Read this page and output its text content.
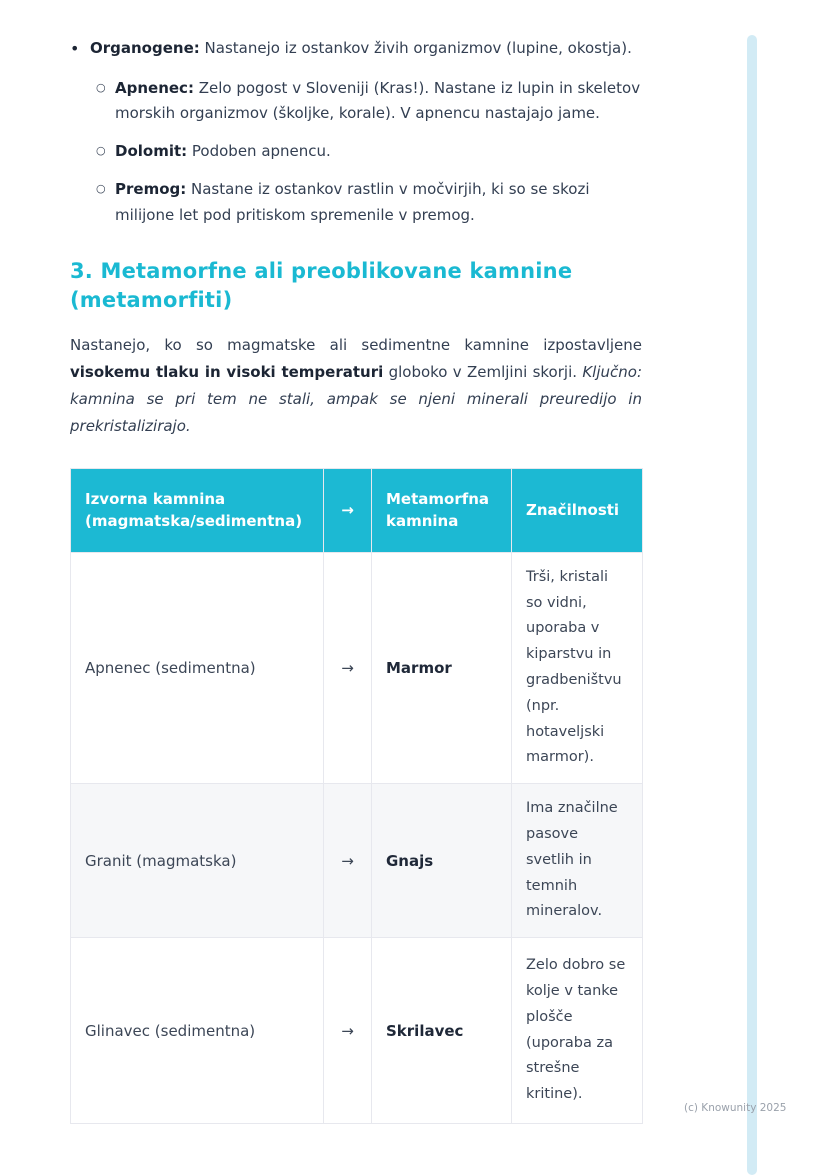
• Organogene: Nastanejo iz ostankov živih organizmov (lupine, okostja).
○ Apnenec: Zelo pogost v Sloveniji (Kras!). Nastane iz lupin in skeletov morskih organizmov (školjke, korale). V apnencu nastajajo jame.
○ Dolomit: Podoben apnencu.
○ Premog: Nastane iz ostankov rastlin v močvirjih, ki so se skozi milijone let pod pritiskom spremenile v premog.
3. Metamorfne ali preoblikovane kamnine (metamorfiti)

Nastanejo, ko so magmatske ali sedimentne kamnine izpostavljene visokemu tlaku in visoki temperaturi globoko v Zemljini skorji. Ključno: kamnina se pri tem ne stali, ampak se njeni minerali preuredijo in prekristalizirajo.

Izvorna kamnina (magmatska/sedimentna)	→	Metamorfna kamnina	Značilnosti
Apnenec (sedimentna)	→	Marmor	Trši, kristali so vidni, uporaba v kiparstvu in gradbeništvu (npr. hotaveljski marmor).
Granit (magmatska)	→	Gnajs	Ima značilne pasove svetlih in temnih mineralov.
Glinavec (sedimentna)	→	Skrilavec	Zelo dobro se kolje v tanke plošče (uporaba za strešne kritine).
(c) Knowunity 2025
